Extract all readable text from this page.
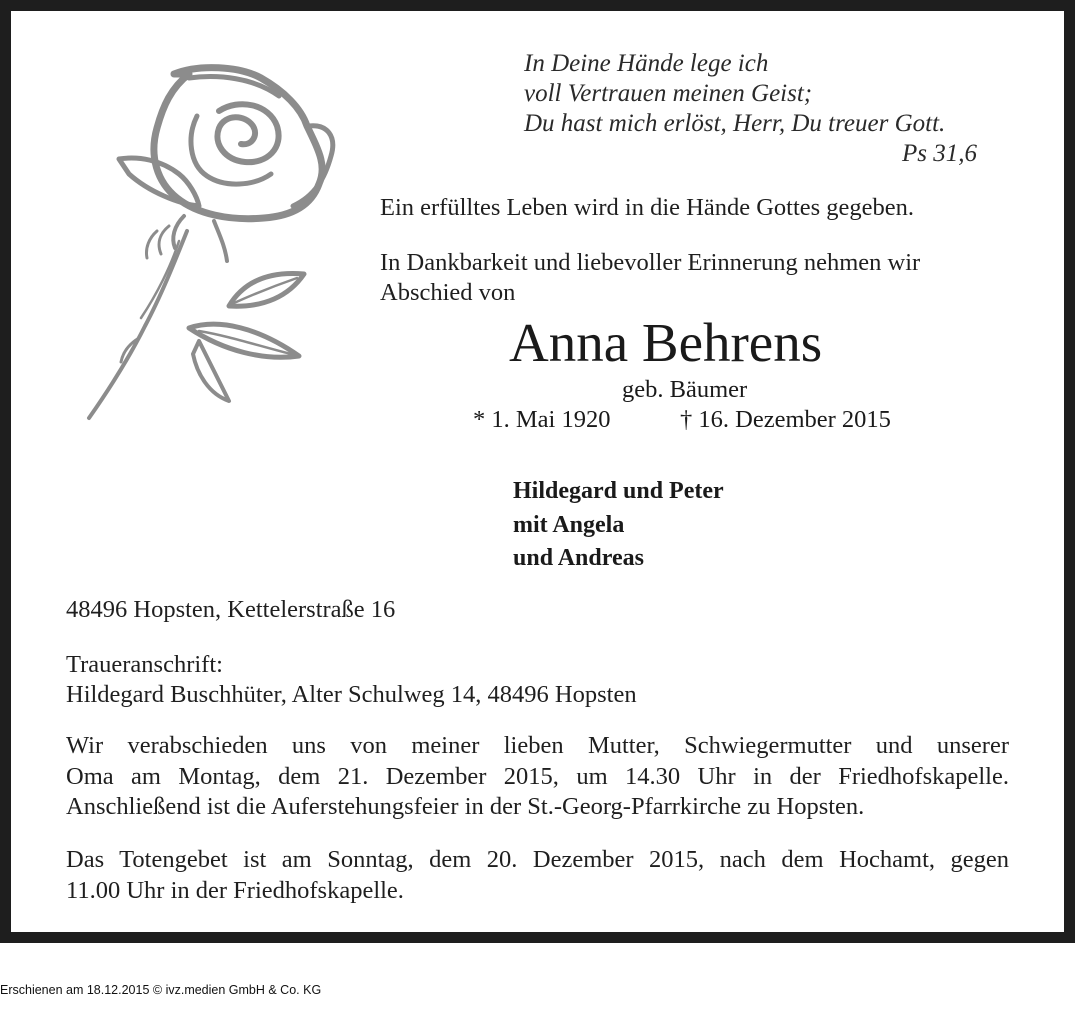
In Deine Hände lege ich
voll Vertrauen meinen Geist;
Du hast mich erlöst, Herr, Du treuer Gott.
Ps 31,6
Ein erfülltes Leben wird in die Hände Gottes gegeben.
In Dankbarkeit und liebevoller Erinnerung nehmen wir
Abschied von
Anna Behrens
geb. Bäumer
* 1. Mai 1920	† 16. Dezember 2015
Hildegard und Peter
mit Angela
und Andreas
48496 Hopsten, Kettelerstraße 16
Traueranschrift:
Hildegard Buschhüter, Alter Schulweg 14, 48496 Hopsten
Wir verabschieden uns von meiner lieben Mutter, Schwiegermutter und unserer
Oma am Montag, dem 21. Dezember 2015, um 14.30 Uhr in der Friedhofskapelle.
Anschließend ist die Auferstehungsfeier in der St.-Georg-Pfarrkirche zu Hopsten.
Das Totengebet ist am Sonntag, dem 20. Dezember 2015, nach dem Hochamt, gegen
11.00 Uhr in der Friedhofskapelle.
Erschienen am 18.12.2015 © ivz.medien GmbH & Co. KG
